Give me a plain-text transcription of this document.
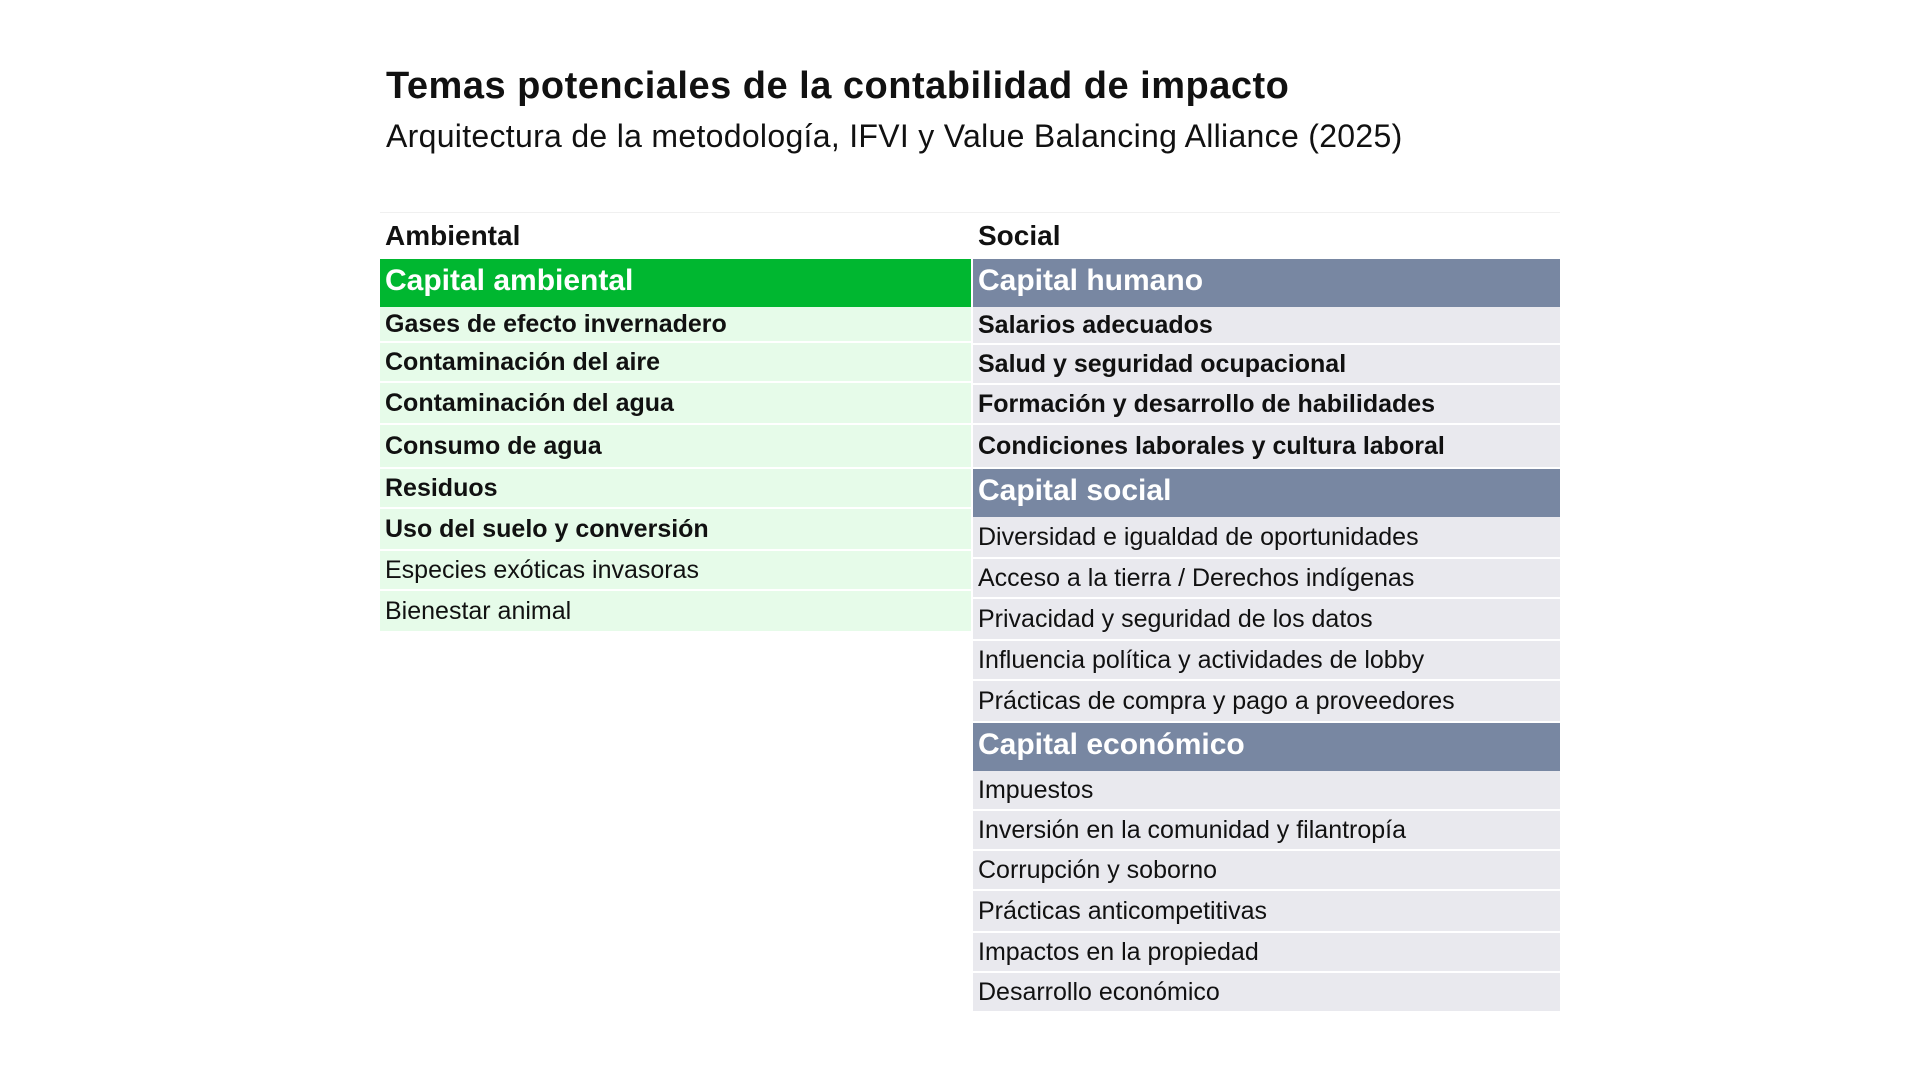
Temas potenciales de la contabilidad de impacto
Arquitectura de la metodología, IFVI y Value Balancing Alliance (2025)
Ambiental
Capital ambiental
Gases de efecto invernadero
Contaminación del aire
Contaminación del agua
Consumo de agua
Residuos
Uso del suelo y conversión
Especies exóticas invasoras
Bienestar animal
Social
Capital humano
Salarios adecuados
Salud y seguridad ocupacional
Formación y desarrollo de habilidades
Condiciones laborales y cultura laboral
Capital social
Diversidad e igualdad de oportunidades
Acceso a la tierra / Derechos indígenas
Privacidad y seguridad de los datos
Influencia política y actividades de lobby
Prácticas de compra y pago a proveedores
Capital económico
Impuestos
Inversión en la comunidad y filantropía
Corrupción y soborno
Prácticas anticompetitivas
Impactos en la propiedad
Desarrollo económico
